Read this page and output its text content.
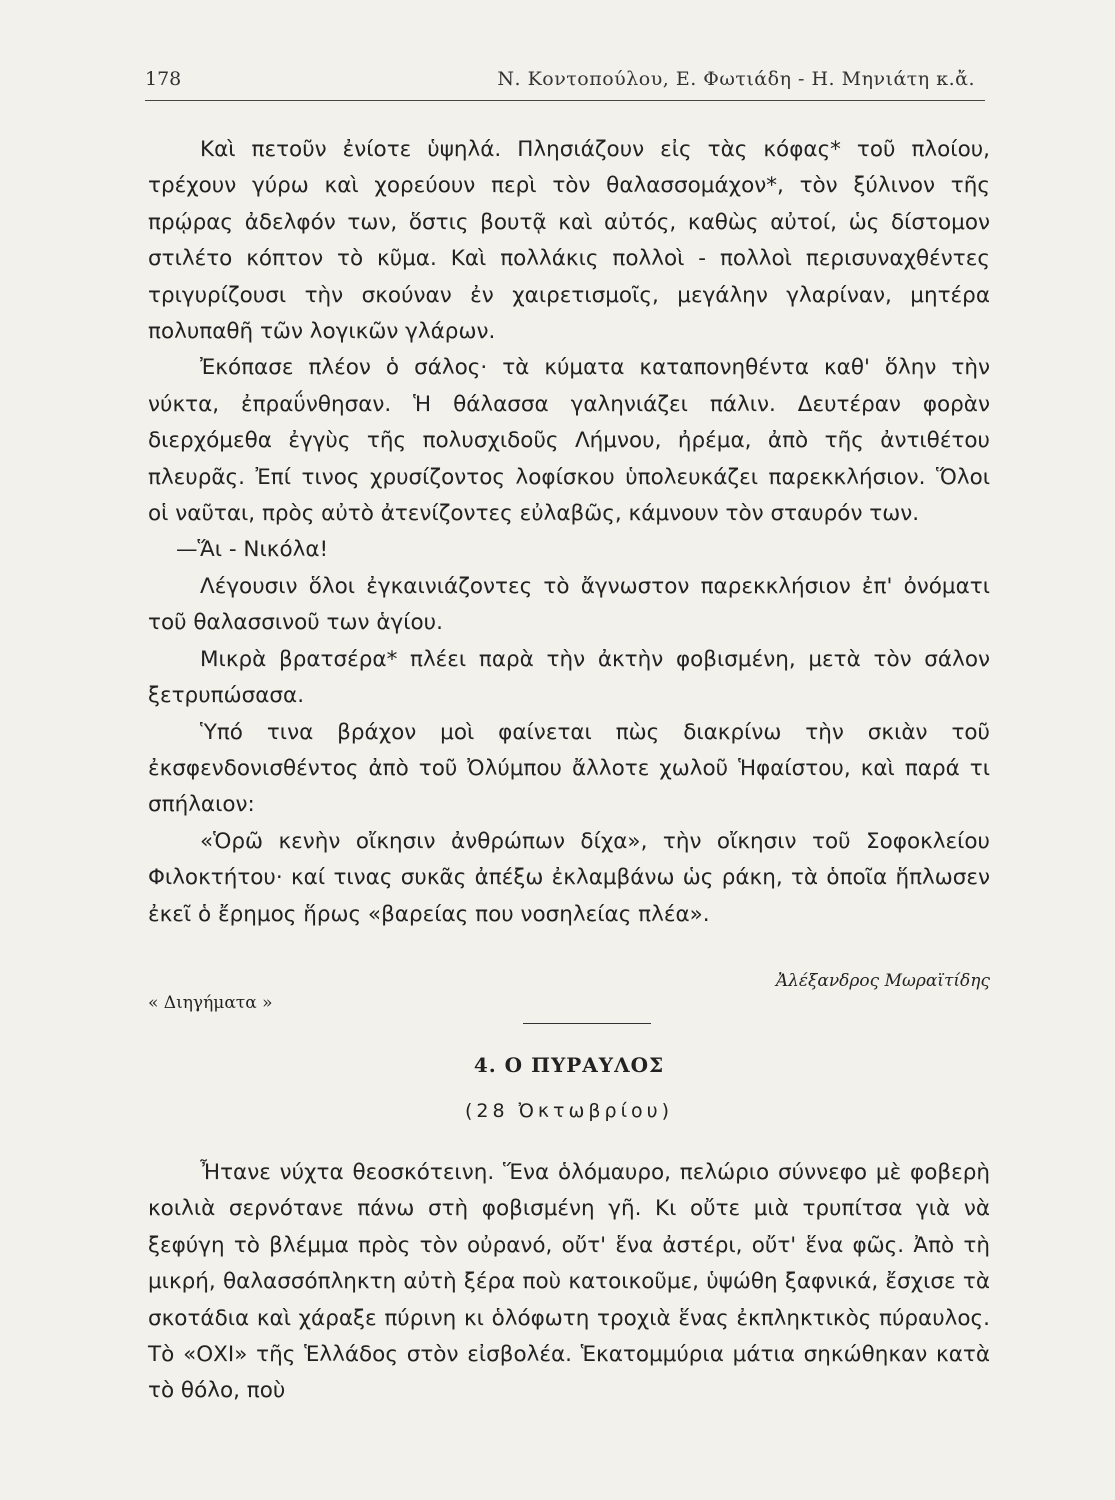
178	Ν. Κοντοπούλου, Ε. Φωτιάδη - Η. Μηνιάτη κ.ἄ.

Καὶ πετοῦν ἐνίοτε ὑψηλά. Πλησιάζουν εἰς τὰς κόφας* τοῦ πλοίου, τρέχουν γύρω καὶ χορεύουν περὶ τὸν θαλασσομάχον*, τὸν ξύλινον τῆς πρῴρας ἀδελφόν των, ὅστις βουτᾷ καὶ αὐτός, καθὼς αὐτοί, ὡς δίστομον στιλέτο κόπτον τὸ κῦμα. Καὶ πολλάκις πολλοὶ - πολλοὶ περισυναχθέντες τριγυρίζουσι τὴν σκούναν ἐν χαιρετισμοῖς, μεγάλην γλαρίναν, μητέρα πολυπαθῆ τῶν λογικῶν γλάρων.

Ἐκόπασε πλέον ὁ σάλος· τὰ κύματα καταπονηθέντα καθ' ὅλην τὴν νύκτα, ἐπραΰνθησαν. Ἡ θάλασσα γαληνιάζει πάλιν. Δευτέραν φορὰν διερχόμεθα ἐγγὺς τῆς πολυσχιδοῦς Λήμνου, ἠρέμα, ἀπὸ τῆς ἀντιθέτου πλευρᾶς. Ἐπί τινος χρυσίζοντος λοφίσκου ὑπολευκάζει παρεκκλήσιον. Ὅλοι οἱ ναῦται, πρὸς αὐτὸ ἀτενίζοντες εὐλαβῶς, κάμνουν τὸν σταυρόν των.

—Ἅι - Νικόλα!

Λέγουσιν ὅλοι ἐγκαινιάζοντες τὸ ἄγνωστον παρεκκλήσιον ἐπ' ὀνόματι τοῦ θαλασσινοῦ των ἁγίου.

Μικρὰ βρατσέρα* πλέει παρὰ τὴν ἀκτὴν φοβισμένη, μετὰ τὸν σάλον ξετρυπώσασα.

Ὑπό τινα βράχον μοὶ φαίνεται πὼς διακρίνω τὴν σκιὰν τοῦ ἐκσφενδονισθέντος ἀπὸ τοῦ Ὀλύμπου ἄλλοτε χωλοῦ Ἡφαίστου, καὶ παρά τι σπήλαιον:

«Ὁρῶ κενὴν οἴκησιν ἀνθρώπων δίχα», τὴν οἴκησιν τοῦ Σοφοκλείου Φιλοκτήτου· καί τινας συκᾶς ἀπέξω ἐκλαμβάνω ὡς ράκη, τὰ ὁποῖα ἥπλωσεν ἐκεῖ ὁ ἔρημος ἥρως «βαρείας που νοσηλείας πλέα».

« Διηγήματα »
Ἀλέξανδρος Μωραϊτίδης
4. Ο ΠΥΡΑΥΛΟΣ
(28 Ὀκτωβρίου)

Ἦτανε νύχτα θεοσκότεινη. Ἕνα ὁλόμαυρο, πελώριο σύννεφο μὲ φοβερὴ κοιλιὰ σερνότανε πάνω στὴ φοβισμένη γῆ. Κι οὔτε μιὰ τρυπίτσα γιὰ νὰ ξεφύγη τὸ βλέμμα πρὸς τὸν οὐρανό, οὔτ' ἕνα ἀστέρι, οὔτ' ἕνα φῶς. Ἀπὸ τὴ μικρή, θαλασσόπληκτη αὐτὴ ξέρα ποὺ κατοικοῦμε, ὑψώθη ξαφνικά, ἔσχισε τὰ σκοτάδια καὶ χάραξε πύρινη κι ὁλόφωτη τροχιὰ ἕνας ἐκπληκτικὸς πύραυλος. Τὸ «ΟΧΙ» τῆς Ἑλλάδος στὸν εἰσβολέα. Ἑκατομμύρια μάτια σηκώθηκαν κατὰ τὸ θόλο, ποὺ
